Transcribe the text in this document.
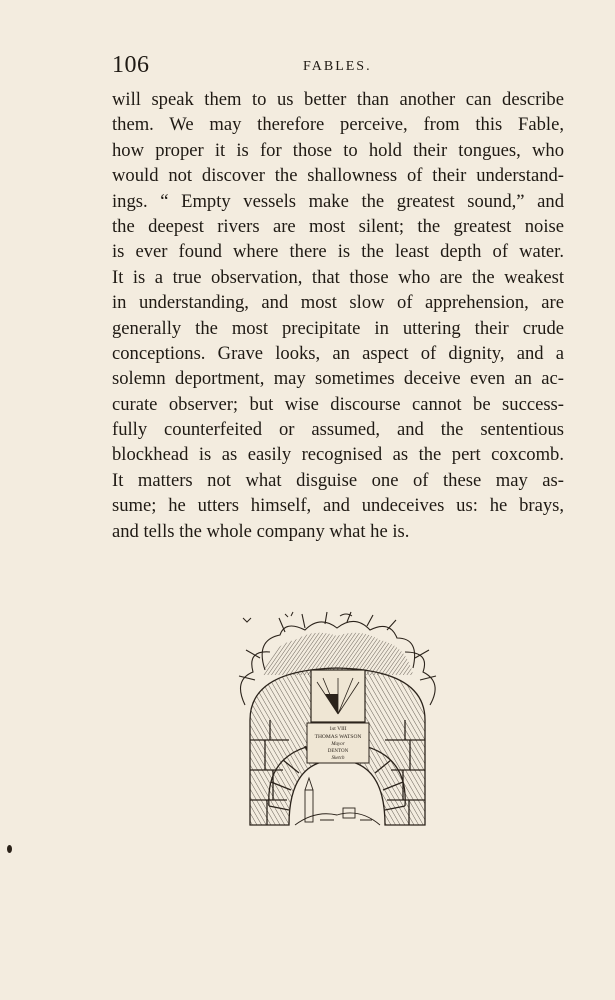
106	FABLES.
will speak them to us better than another can describe
them. We may therefore perceive, from this Fable,
how proper it is for those to hold their tongues, who
would not discover the shallowness of their understand-
ings. “ Empty vessels make the greatest sound,” and
the deepest rivers are most silent; the greatest noise
is ever found where there is the least depth of water.
It is a true observation, that those who are the weakest
in understanding, and most slow of apprehension, are
generally the most precipitate in uttering their crude
conceptions. Grave looks, an aspect of dignity, and a
solemn deportment, may sometimes deceive even an ac-
curate observer; but wise discourse cannot be success-
fully counterfeited or assumed, and the sententious
blockhead is as easily recognised as the pert coxcomb.
It matters not what disguise one of these may as-
sume; he utters himself, and undeceives us: he brays,
and tells the whole company what he is.
1st VIII
THOMAS WATSON
Mayor
DENTON
Sketch
